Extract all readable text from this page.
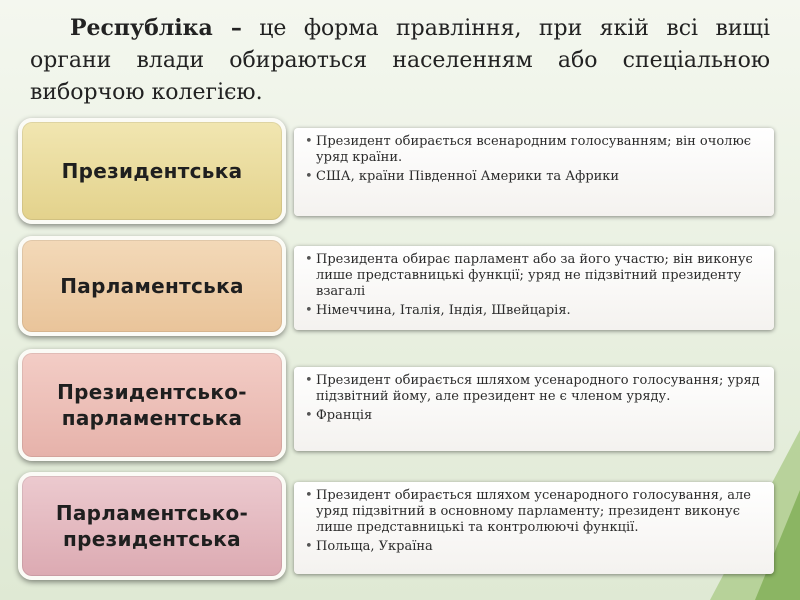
Республіка – це форма правління, при якій всі вищі органи влади обираються населенням або спеціальною виборчою колегією.

Президентська
• Президент обирається всенародним голосуванням; він очолює уряд країни.
• США, країни Південної Америки та Африки
Парламентська
• Президента обирає парламент або за його участю; він виконує лише представницькі функції; уряд не підзвітний президенту взагалі
• Німеччина, Італія, Індія, Швейцарія.
Президентсько-
парламентська
• Президент обирається шляхом усенародного голосування; уряд підзвітний йому, але президент не є членом уряду.
• Франція
Парламентсько-
президентська
• Президент обирається шляхом усенародного голосування, але уряд підзвітний в основному парламенту; президент виконує лише представницькі та контролюючі функції.
• Польща, Україна
